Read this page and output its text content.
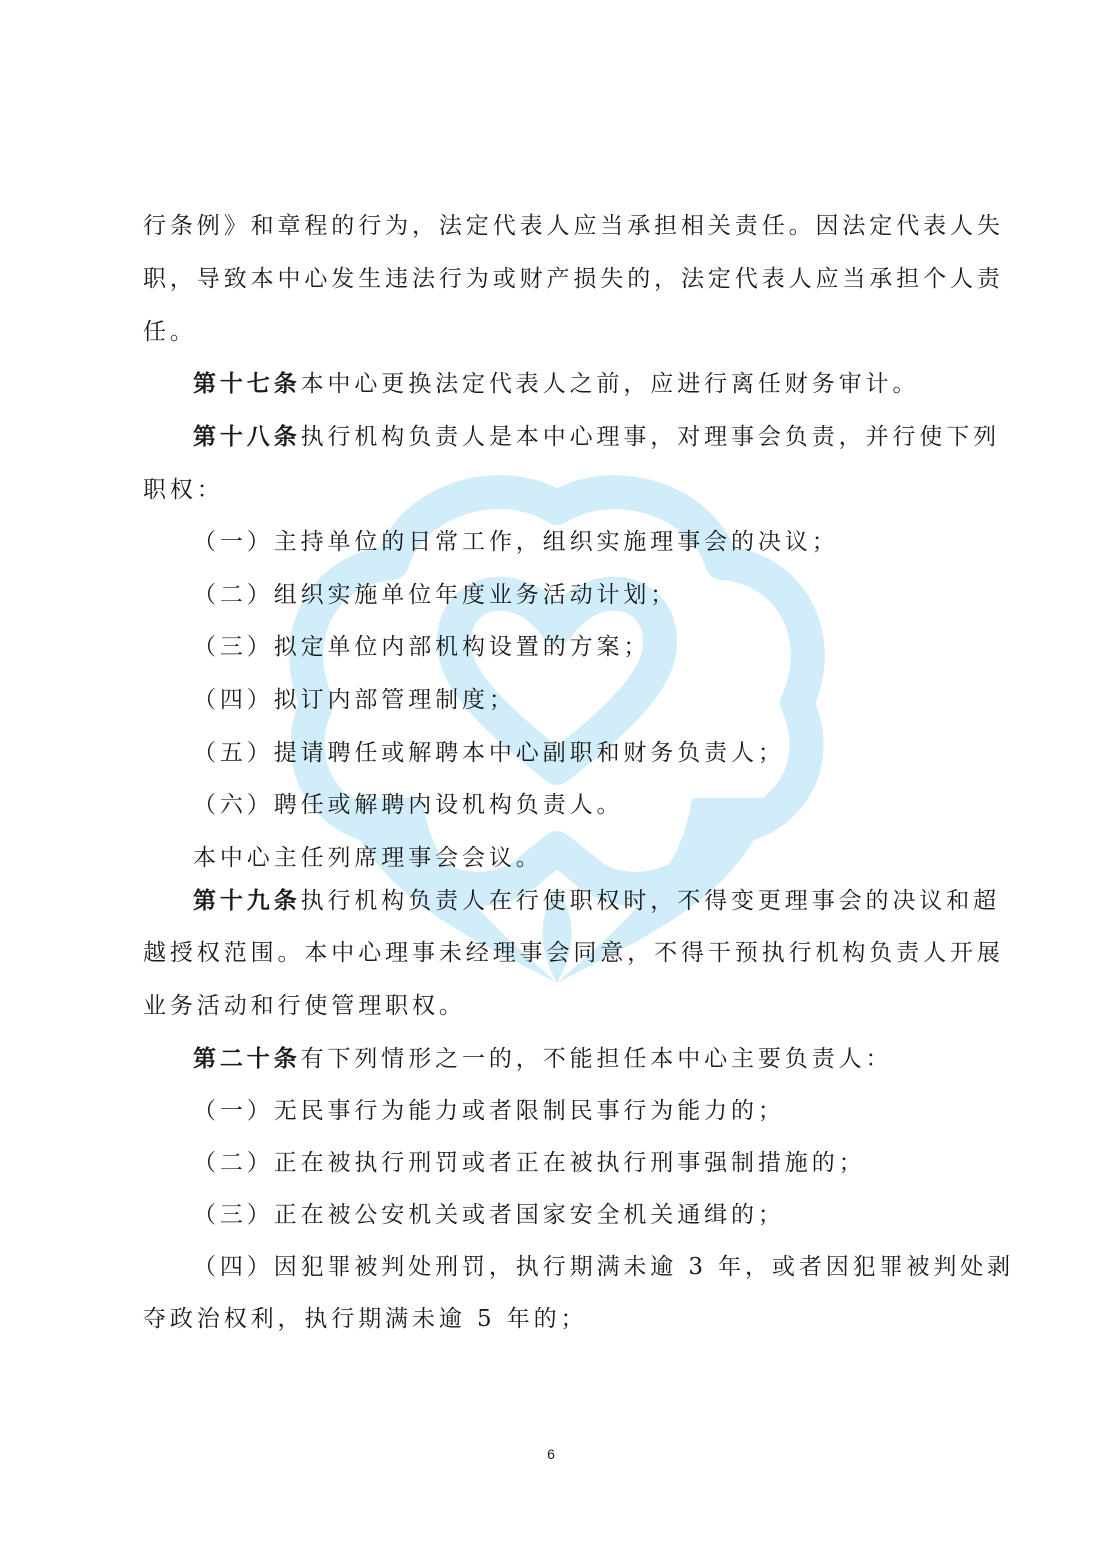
行条例》和章程的行为，法定代表人应当承担相关责任。因法定代表人失
职，导致本中心发生违法行为或财产损失的，法定代表人应当承担个人责
任。
第十七条本中心更换法定代表人之前，应进行离任财务审计。
第十八条执行机构负责人是本中心理事，对理事会负责，并行使下列
职权：
（一）主持单位的日常工作，组织实施理事会的决议；
（二）组织实施单位年度业务活动计划；
（三）拟定单位内部机构设置的方案；
（四）拟订内部管理制度；
（五）提请聘任或解聘本中心副职和财务负责人；
（六）聘任或解聘内设机构负责人。
本中心主任列席理事会会议。
第十九条执行机构负责人在行使职权时，不得变更理事会的决议和超
越授权范围。本中心理事未经理事会同意，不得干预执行机构负责人开展
业务活动和行使管理职权。
第二十条有下列情形之一的，不能担任本中心主要负责人：
（一）无民事行为能力或者限制民事行为能力的；
（二）正在被执行刑罚或者正在被执行刑事强制措施的；
（三）正在被公安机关或者国家安全机关通缉的；
（四）因犯罪被判处刑罚，执行期满未逾 3 年，或者因犯罪被判处剥
夺政治权利，执行期满未逾 5 年的；
6
